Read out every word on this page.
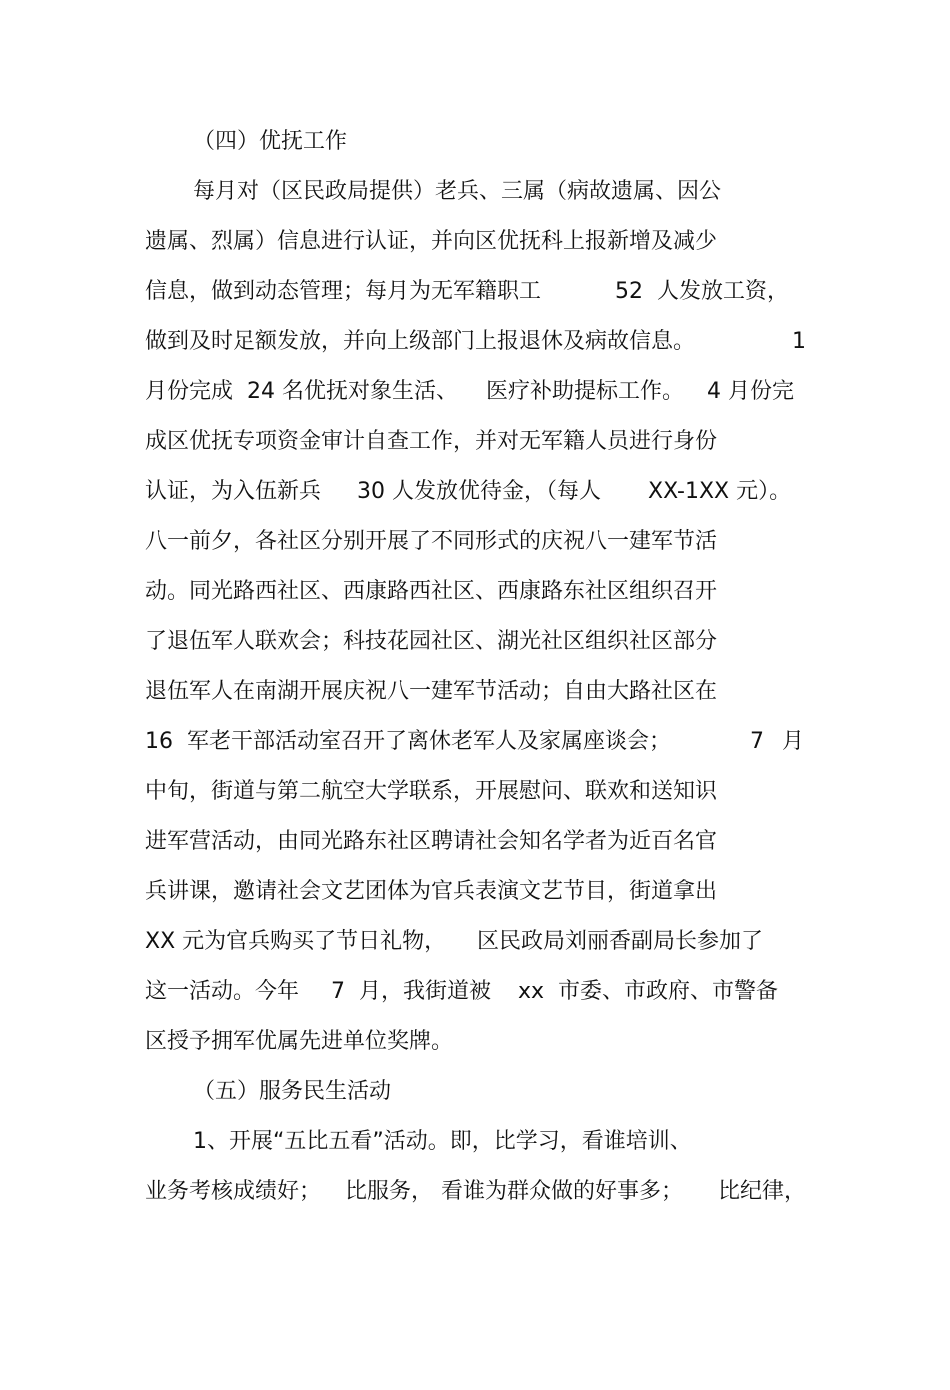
（四）优抚工作

每月对（区民政局提供）老兵、三属（病故遗属、因公

遗属、烈属）信息进行认证，并向区优抚科上报新增及减少

信息，做到动态管理；每月为无军籍职工

	52  人发放工资，

做到及时足额发放，并向上级部门上报退休及病故信息。

	1

月份完成  24 名优抚对象生活、

医疗补助提标工作。

4 月份完

成区优抚专项资金审计自查工作，并对无军籍人员进行身份

认证，为入伍新兵

30 人发放优待金，（每人

XX-1XX 元）。

八一前夕，各社区分别开展了不同形式的庆祝八一建军节活

动。同光路西社区、西康路西社区、西康路东社区组织召开

了退伍军人联欢会；科技花园社区、湖光社区组织社区部分

退伍军人在南湖开展庆祝八一建军节活动；自由大路社区在

16  军老干部活动室召开了离休老军人及家属座谈会；

	7

月

中旬，街道与第二航空大学联系，开展慰问、联欢和送知识

进军营活动，由同光路东社区聘请社会知名学者为近百名官

兵讲课，邀请社会文艺团体为官兵表演文艺节目，街道拿出

XX 元为官兵购买了节日礼物，

区民政局刘丽香副局长参加了

这一活动。今年

7  月，我街道被

xx  市委、市政府、市警备

区授予拥军优属先进单位奖牌。

（五）服务民生活动

1、开展“五比五看”活动。即，比学习，看谁培训、

业务考核成绩好；

比服务，

看谁为群众做的好事多；

比纪律，
